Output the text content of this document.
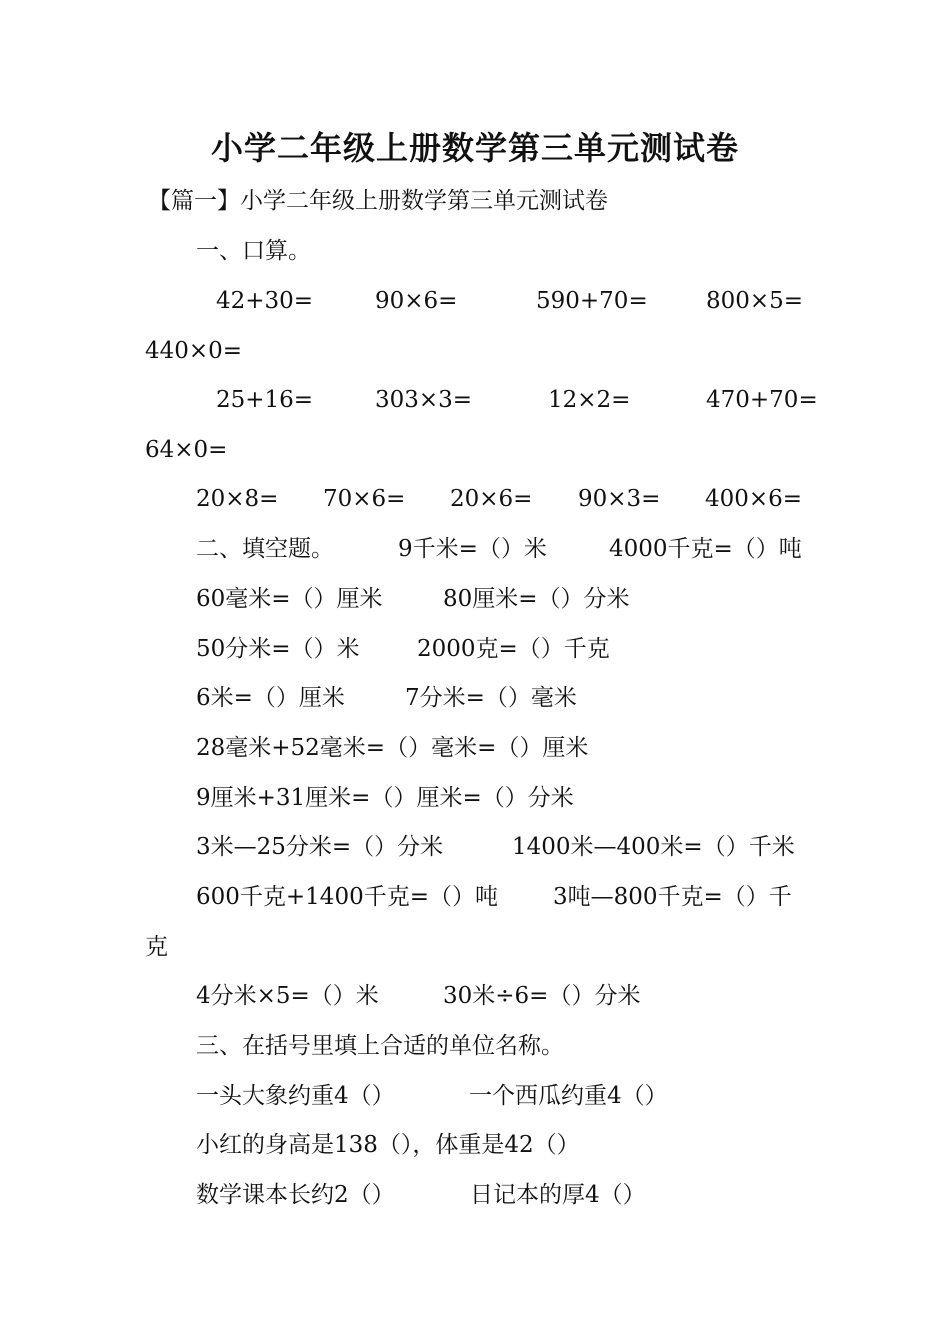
小学二年级上册数学第三单元测试卷
【篇一】小学二年级上册数学第三单元测试卷
一、口算。
42+30=	90×6=	590+70=	800×5=
440×0=
25+16=	303×3=	12×2=	470+70=
64×0=
20×8= 70×6= 20×6= 90×3= 400×6=
二、填空题。	9千米=（）米	4000千克=（）吨
60毫米=（）厘米	80厘米=（）分米
50分米=（）米 2000克=（）千克
6米=（）厘米	7分米=（）毫米
28毫米+52毫米=（）毫米=（）厘米
9厘米+31厘米=（）厘米=（）分米
3米—25分米=（）分米	1400米—400米=（）千米
600千克+1400千克=（）吨 3吨—800千克=（）千
克
4分米×5=（）米	30米÷6=（）分米
三、在括号里填上合适的单位名称。
一头大象约重4（）	一个西瓜约重4（）
小红的身高是138（），体重是42（）
数学课本长约2（）	日记本的厚4（）
